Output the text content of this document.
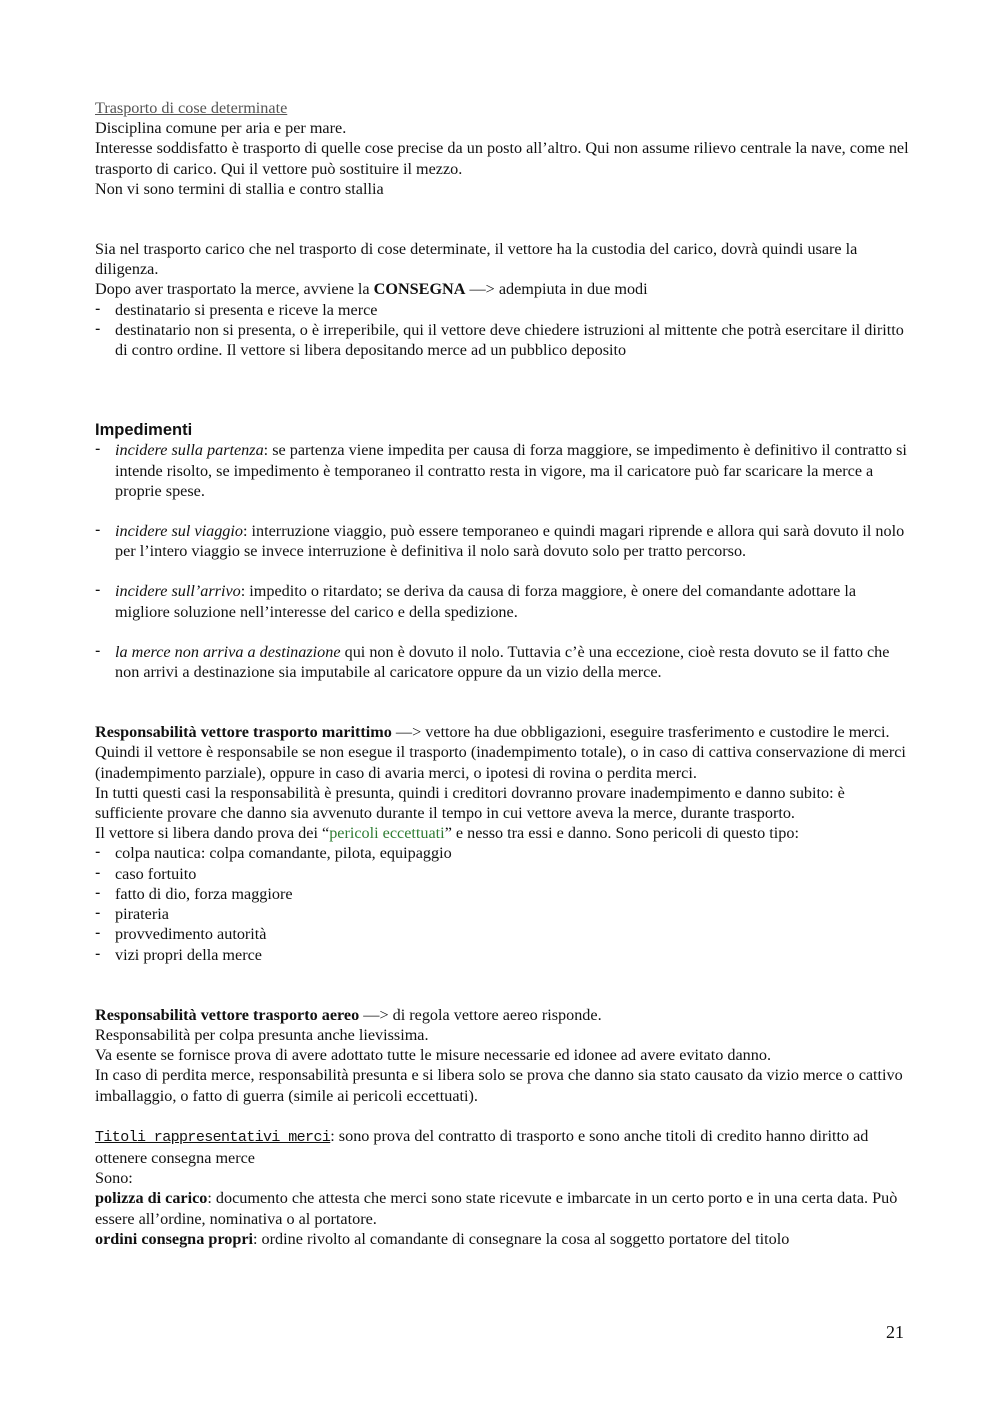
Trasporto di cose determinate

Disciplina comune per aria e per mare.

Interesse soddisfatto è trasporto di quelle cose precise da un posto all’altro. Qui non assume rilievo centrale la nave, come nel trasporto di carico. Qui il vettore può sostituire il mezzo.

Non vi sono termini di stallia e contro stallia

Sia nel trasporto carico che nel trasporto di cose determinate, il vettore ha la custodia del carico, dovrà quindi usare la diligenza.

Dopo aver trasportato la merce, avviene la CONSEGNA —> adempiuta in due modi

- destinatario si presenta e riceve la merce
- destinatario non si presenta, o è irreperibile, qui il vettore deve chiedere istruzioni al mittente che potrà esercitare il diritto di contro ordine. Il vettore si libera depositando merce ad un pubblico deposito

Impedimenti

- incidere sulla partenza: se partenza viene impedita per causa di forza maggiore, se impedimento è definitivo il contratto si intende risolto, se impedimento è temporaneo il contratto resta in vigore, ma il caricatore può far scaricare la merce a proprie spese.
- incidere sul viaggio: interruzione viaggio, può essere temporaneo e quindi magari riprende e allora qui sarà dovuto il nolo per l’intero viaggio se invece interruzione è definitiva il nolo sarà dovuto solo per tratto percorso.
- incidere sull’arrivo: impedito o ritardato; se deriva da causa di forza maggiore, è onere del comandante adottare la migliore soluzione nell’interesse del carico e della spedizione.
- la merce non arriva a destinazione qui non è dovuto il nolo. Tuttavia c’è una eccezione, cioè resta dovuto se il fatto che non arrivi a destinazione sia imputabile al caricatore oppure da un vizio della merce.

Responsabilità vettore trasporto marittimo —> vettore ha due obbligazioni, eseguire trasferimento e custodire le merci. Quindi il vettore è responsabile se non esegue il trasporto (inadempimento totale), o in caso di cattiva conservazione di merci (inadempimento parziale), oppure in caso di avaria merci, o ipotesi di rovina o perdita merci.

In tutti questi casi la responsabilità è presunta, quindi i creditori dovranno provare inadempimento e danno subito: è sufficiente provare che danno sia avvenuto durante il tempo in cui vettore aveva la merce, durante trasporto.

Il vettore si libera dando prova dei “pericoli eccettuati” e nesso tra essi e danno. Sono pericoli di questo tipo:

- colpa nautica: colpa comandante, pilota, equipaggio
- caso fortuito
- fatto di dio, forza maggiore
- pirateria
- provvedimento autorità
- vizi propri della merce

Responsabilità vettore trasporto aereo —> di regola vettore aereo risponde.

Responsabilità per colpa presunta anche lievissima.

Va esente se fornisce prova di avere adottato tutte le misure necessarie ed idonee ad avere evitato danno.

In caso di perdita merce, responsabilità presunta e si libera solo se prova che danno sia stato causato da vizio merce o cattivo imballaggio, o fatto di guerra (simile ai pericoli eccettuati).

Titoli rappresentativi merci: sono prova del contratto di trasporto e sono anche titoli di credito hanno diritto ad ottenere consegna merce

Sono:

polizza di carico: documento che attesta che merci sono state ricevute e imbarcate in un certo porto e in una certa data. Può essere all’ordine, nominativa o al portatore.

ordini consegna propri: ordine rivolto al comandante di consegnare la cosa al soggetto portatore del titolo

21
